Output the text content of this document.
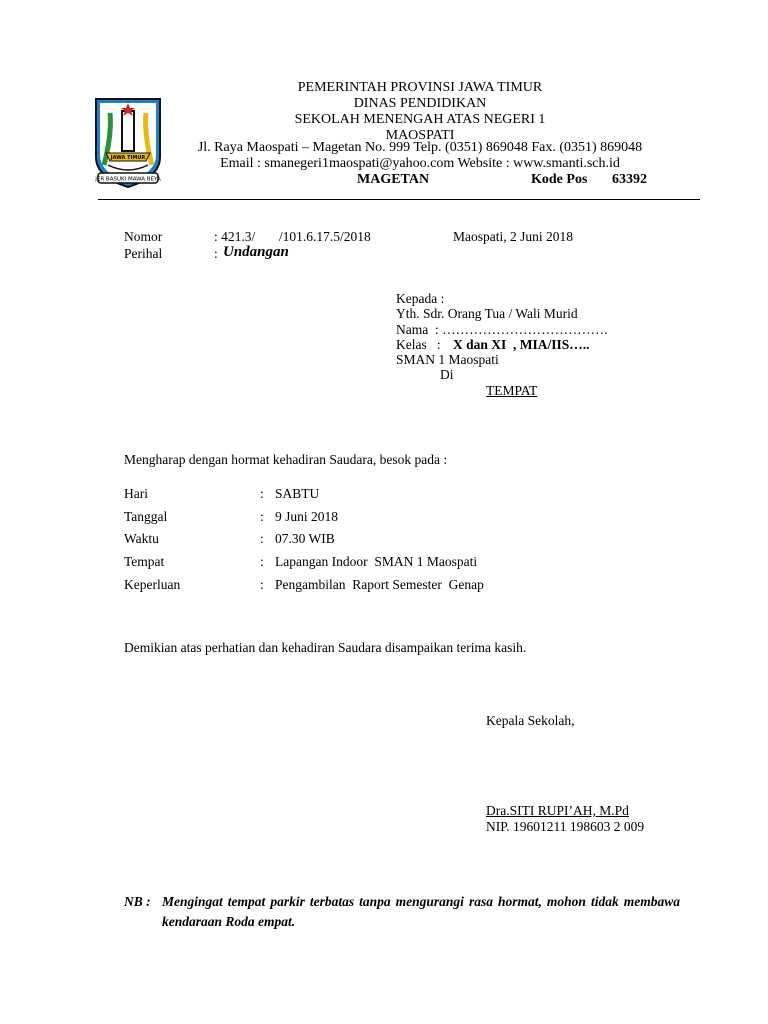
JER BASUKI MAWA BEYA
JAWA TIMUR
PEMERINTAH PROVINSI JAWA TIMUR
DINAS PENDIDIKAN
SEKOLAH MENENGAH ATAS NEGERI 1
MAOSPATI
Jl. Raya Maospati – Magetan No. 999 Telp. (0351) 869048 Fax. (0351) 869048
Email : smanegeri1maospati@yahoo.com Website : www.smanti.sch.id
MAGETAN	Kode Pos 63392
Nomor	: 421.3/       /101.6.17.5/2018	Maospati, 2 Juni 2018
Perihal	: Undangan
Kepada :
Yth. Sdr. Orang Tua / Wali Murid
Nama  : ……………………………….
Kelas   : X dan XI  , MIA/IIS…..
SMAN 1 Maospati
Di
TEMPAT
Mengharap dengan hormat kehadiran Saudara, besok pada :
Hari	: SABTU
Tanggal	: 9 Juni 2018
Waktu	: 07.30 WIB
Tempat	: Lapangan Indoor  SMAN 1 Maospati
Keperluan	: Pengambilan  Raport Semester  Genap
Demikian atas perhatian dan kehadiran Saudara disampaikan terima kasih.
Kepala Sekolah,
Dra.SITI RUPI’AH, M.Pd
NIP. 19601211 198603 2 009
NB : Mengingat tempat parkir terbatas tanpa mengurangi rasa hormat, mohon tidak membawa kendaraan Roda empat.
